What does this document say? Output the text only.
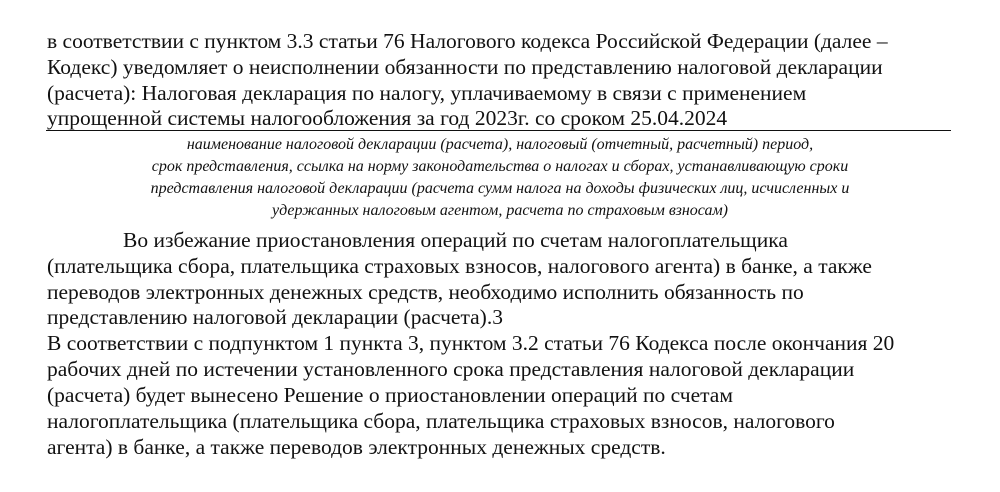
в соответствии с пунктом 3.3 статьи 76 Налогового кодекса Российской Федерации (далее –
Кодекс) уведомляет о неисполнении обязанности по представлению налоговой декларации
(расчета): Налоговая декларация по налогу, уплачиваемому в связи с применением
упрощенной системы налогообложения за год 2023г. со сроком 25.04.2024
наименование налоговой декларации (расчета), налоговый (отчетный, расчетный) период,
срок представления, ссылка на норму законодательства о налогах и сборах, устанавливающую сроки
представления налоговой декларации (расчета сумм налога на доходы физических лиц, исчисленных и
удержанных налоговым агентом, расчета по страховым взносам)
Во избежание приостановления операций по счетам налогоплательщика
(плательщика сбора, плательщика страховых взносов, налогового агента) в банке, а также
переводов электронных денежных средств, необходимо исполнить обязанность по
представлению налоговой декларации (расчета).3
В соответствии с подпунктом 1 пункта 3, пунктом 3.2 статьи 76 Кодекса после окончания 20
рабочих дней по истечении установленного срока представления налоговой декларации
(расчета) будет вынесено Решение о приостановлении операций по счетам
налогоплательщика (плательщика сбора, плательщика страховых взносов, налогового
агента) в банке, а также переводов электронных денежных средств.
